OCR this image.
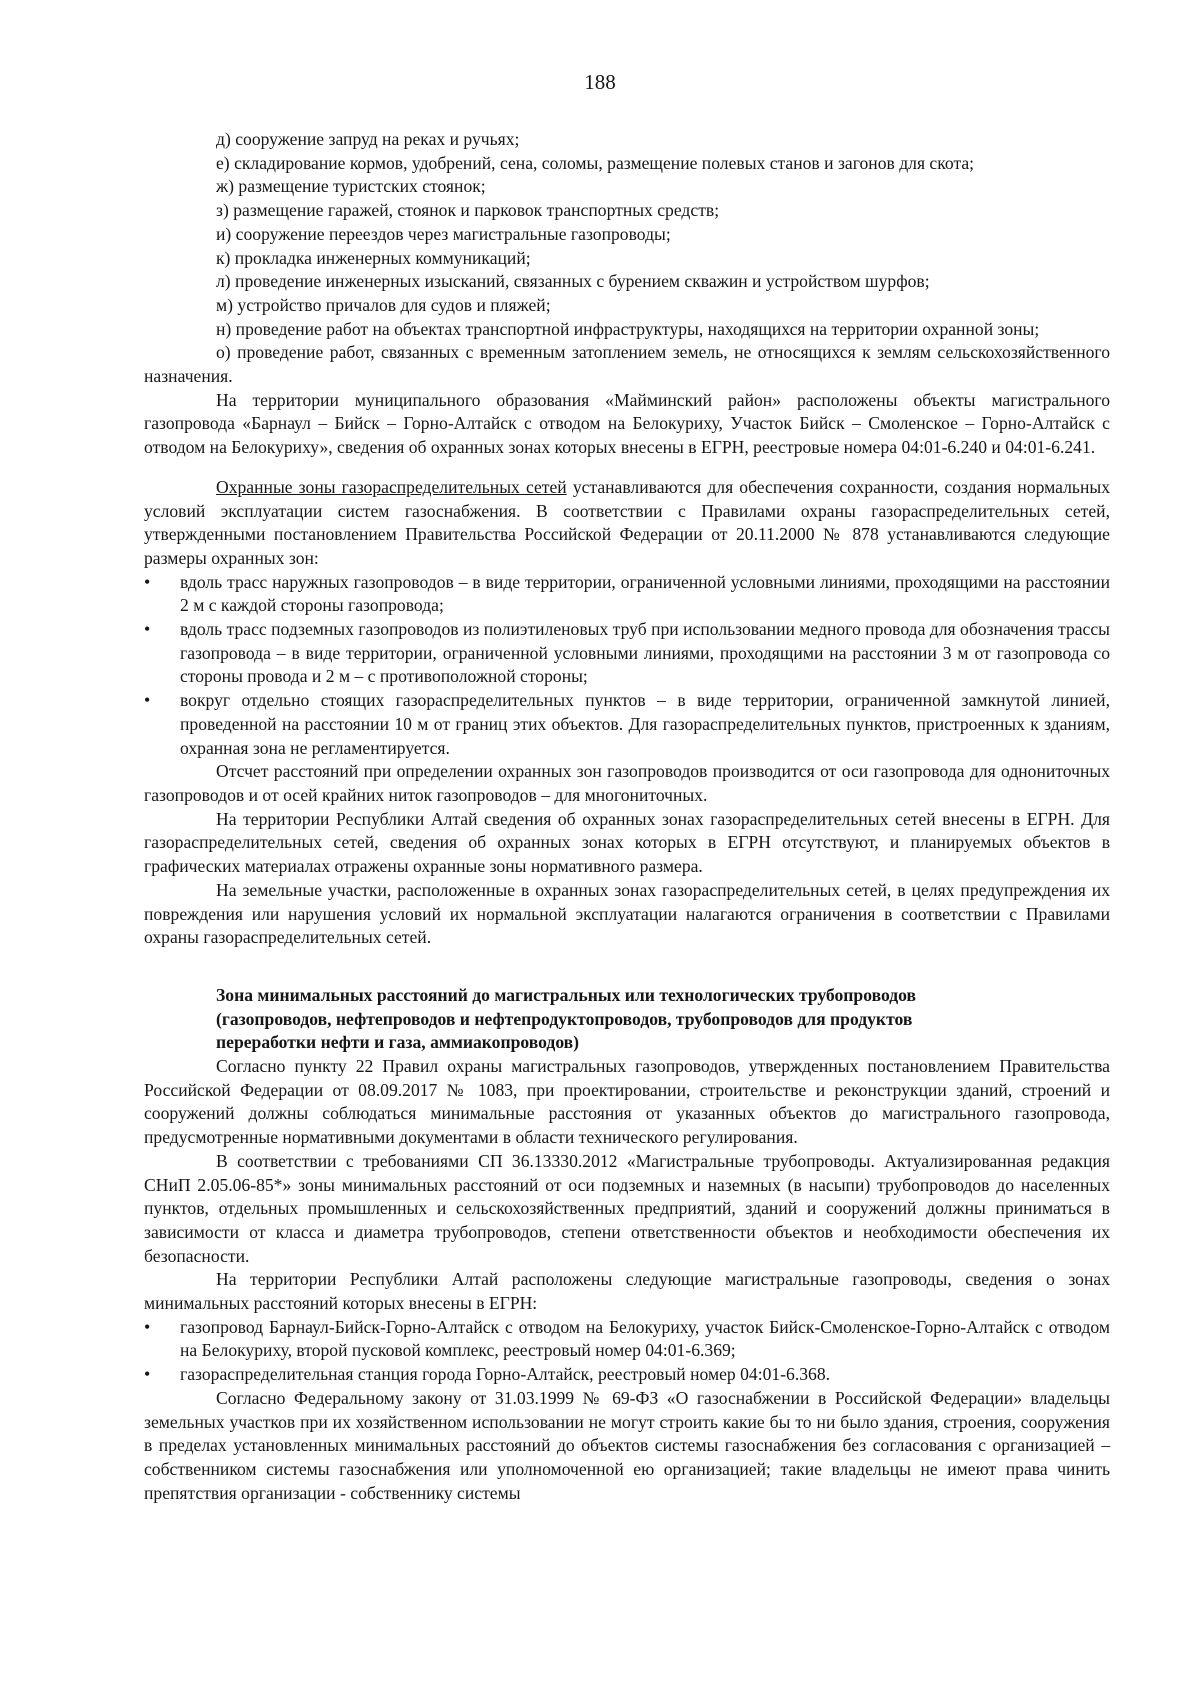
188

д) сооружение запруд на реках и ручьях;

е) складирование кормов, удобрений, сена, соломы, размещение полевых станов и загонов для скота;

ж) размещение туристских стоянок;

з) размещение гаражей, стоянок и парковок транспортных средств;

и) сооружение переездов через магистральные газопроводы;

к) прокладка инженерных коммуникаций;

л) проведение инженерных изысканий, связанных с бурением скважин и устройством шурфов;

м) устройство причалов для судов и пляжей;

н) проведение работ на объектах транспортной инфраструктуры, находящихся на территории охранной зоны;

о) проведение работ, связанных с временным затоплением земель, не относящихся к землям сельскохозяйственного назначения.

На территории муниципального образования «Майминский район» расположены объекты магистрального газопровода «Барнаул – Бийск – Горно-Алтайск с отводом на Белокуриху, Участок Бийск – Смоленское – Горно-Алтайск с отводом на Белокуриху», сведения об охранных зонах которых внесены в ЕГРН, реестровые номера 04:01-6.240 и 04:01-6.241.

Охранные зоны газораспределительных сетей устанавливаются для обеспечения сохранности, создания нормальных условий эксплуатации систем газоснабжения. В соответствии с Правилами охраны газораспределительных сетей, утвержденными постановлением Правительства Российской Федерации от 20.11.2000 № 878 устанавливаются следующие размеры охранных зон:

• вдоль трасс наружных газопроводов – в виде территории, ограниченной условными линиями, проходящими на расстоянии 2 м с каждой стороны газопровода;
• вдоль трасс подземных газопроводов из полиэтиленовых труб при использовании медного провода для обозначения трассы газопровода – в виде территории, ограниченной условными линиями, проходящими на расстоянии 3 м от газопровода со стороны провода и 2 м – с противоположной стороны;
• вокруг отдельно стоящих газораспределительных пунктов – в виде территории, ограниченной замкнутой линией, проведенной на расстоянии 10 м от границ этих объектов. Для газораспределительных пунктов, пристроенных к зданиям, охранная зона не регламентируется.

Отсчет расстояний при определении охранных зон газопроводов производится от оси газопровода для однониточных газопроводов и от осей крайних ниток газопроводов – для многониточных.

На территории Республики Алтай сведения об охранных зонах газораспределительных сетей внесены в ЕГРН. Для газораспределительных сетей, сведения об охранных зонах которых в ЕГРН отсутствуют, и планируемых объектов в графических материалах отражены охранные зоны нормативного размера.

На земельные участки, расположенные в охранных зонах газораспределительных сетей, в целях предупреждения их повреждения или нарушения условий их нормальной эксплуатации налагаются ограничения в соответствии с Правилами охраны газораспределительных сетей.

Зона минимальных расстояний до магистральных или технологических трубопроводов

(газопроводов, нефтепроводов и нефтепродуктопроводов, трубопроводов для продуктов

переработки нефти и газа, аммиакопроводов)

Согласно пункту 22 Правил охраны магистральных газопроводов, утвержденных постановлением Правительства Российской Федерации от 08.09.2017 № 1083, при проектировании, строительстве и реконструкции зданий, строений и сооружений должны соблюдаться минимальные расстояния от указанных объектов до магистрального газопровода, предусмотренные нормативными документами в области технического регулирования.

В соответствии с требованиями СП 36.13330.2012 «Магистральные трубопроводы. Актуализированная редакция СНиП 2.05.06-85*» зоны минимальных расстояний от оси подземных и наземных (в насыпи) трубопроводов до населенных пунктов, отдельных промышленных и сельскохозяйственных предприятий, зданий и сооружений должны приниматься в зависимости от класса и диаметра трубопроводов, степени ответственности объектов и необходимости обеспечения их безопасности.

На территории Республики Алтай расположены следующие магистральные газопроводы, сведения о зонах минимальных расстояний которых внесены в ЕГРН:

• газопровод Барнаул-Бийск-Горно-Алтайск с отводом на Белокуриху, участок Бийск-Смоленское-Горно-Алтайск с отводом на Белокуриху, второй пусковой комплекс, реестровый номер 04:01-6.369;
• газораспределительная станция города Горно-Алтайск, реестровый номер 04:01-6.368.

Согласно Федеральному закону от 31.03.1999 № 69-ФЗ «О газоснабжении в Российской Федерации» владельцы земельных участков при их хозяйственном использовании не могут строить какие бы то ни было здания, строения, сооружения в пределах установленных минимальных расстояний до объектов системы газоснабжения без согласования с организацией – собственником системы газоснабжения или уполномоченной ею организацией; такие владельцы не имеют права чинить препятствия организации - собственнику системы
